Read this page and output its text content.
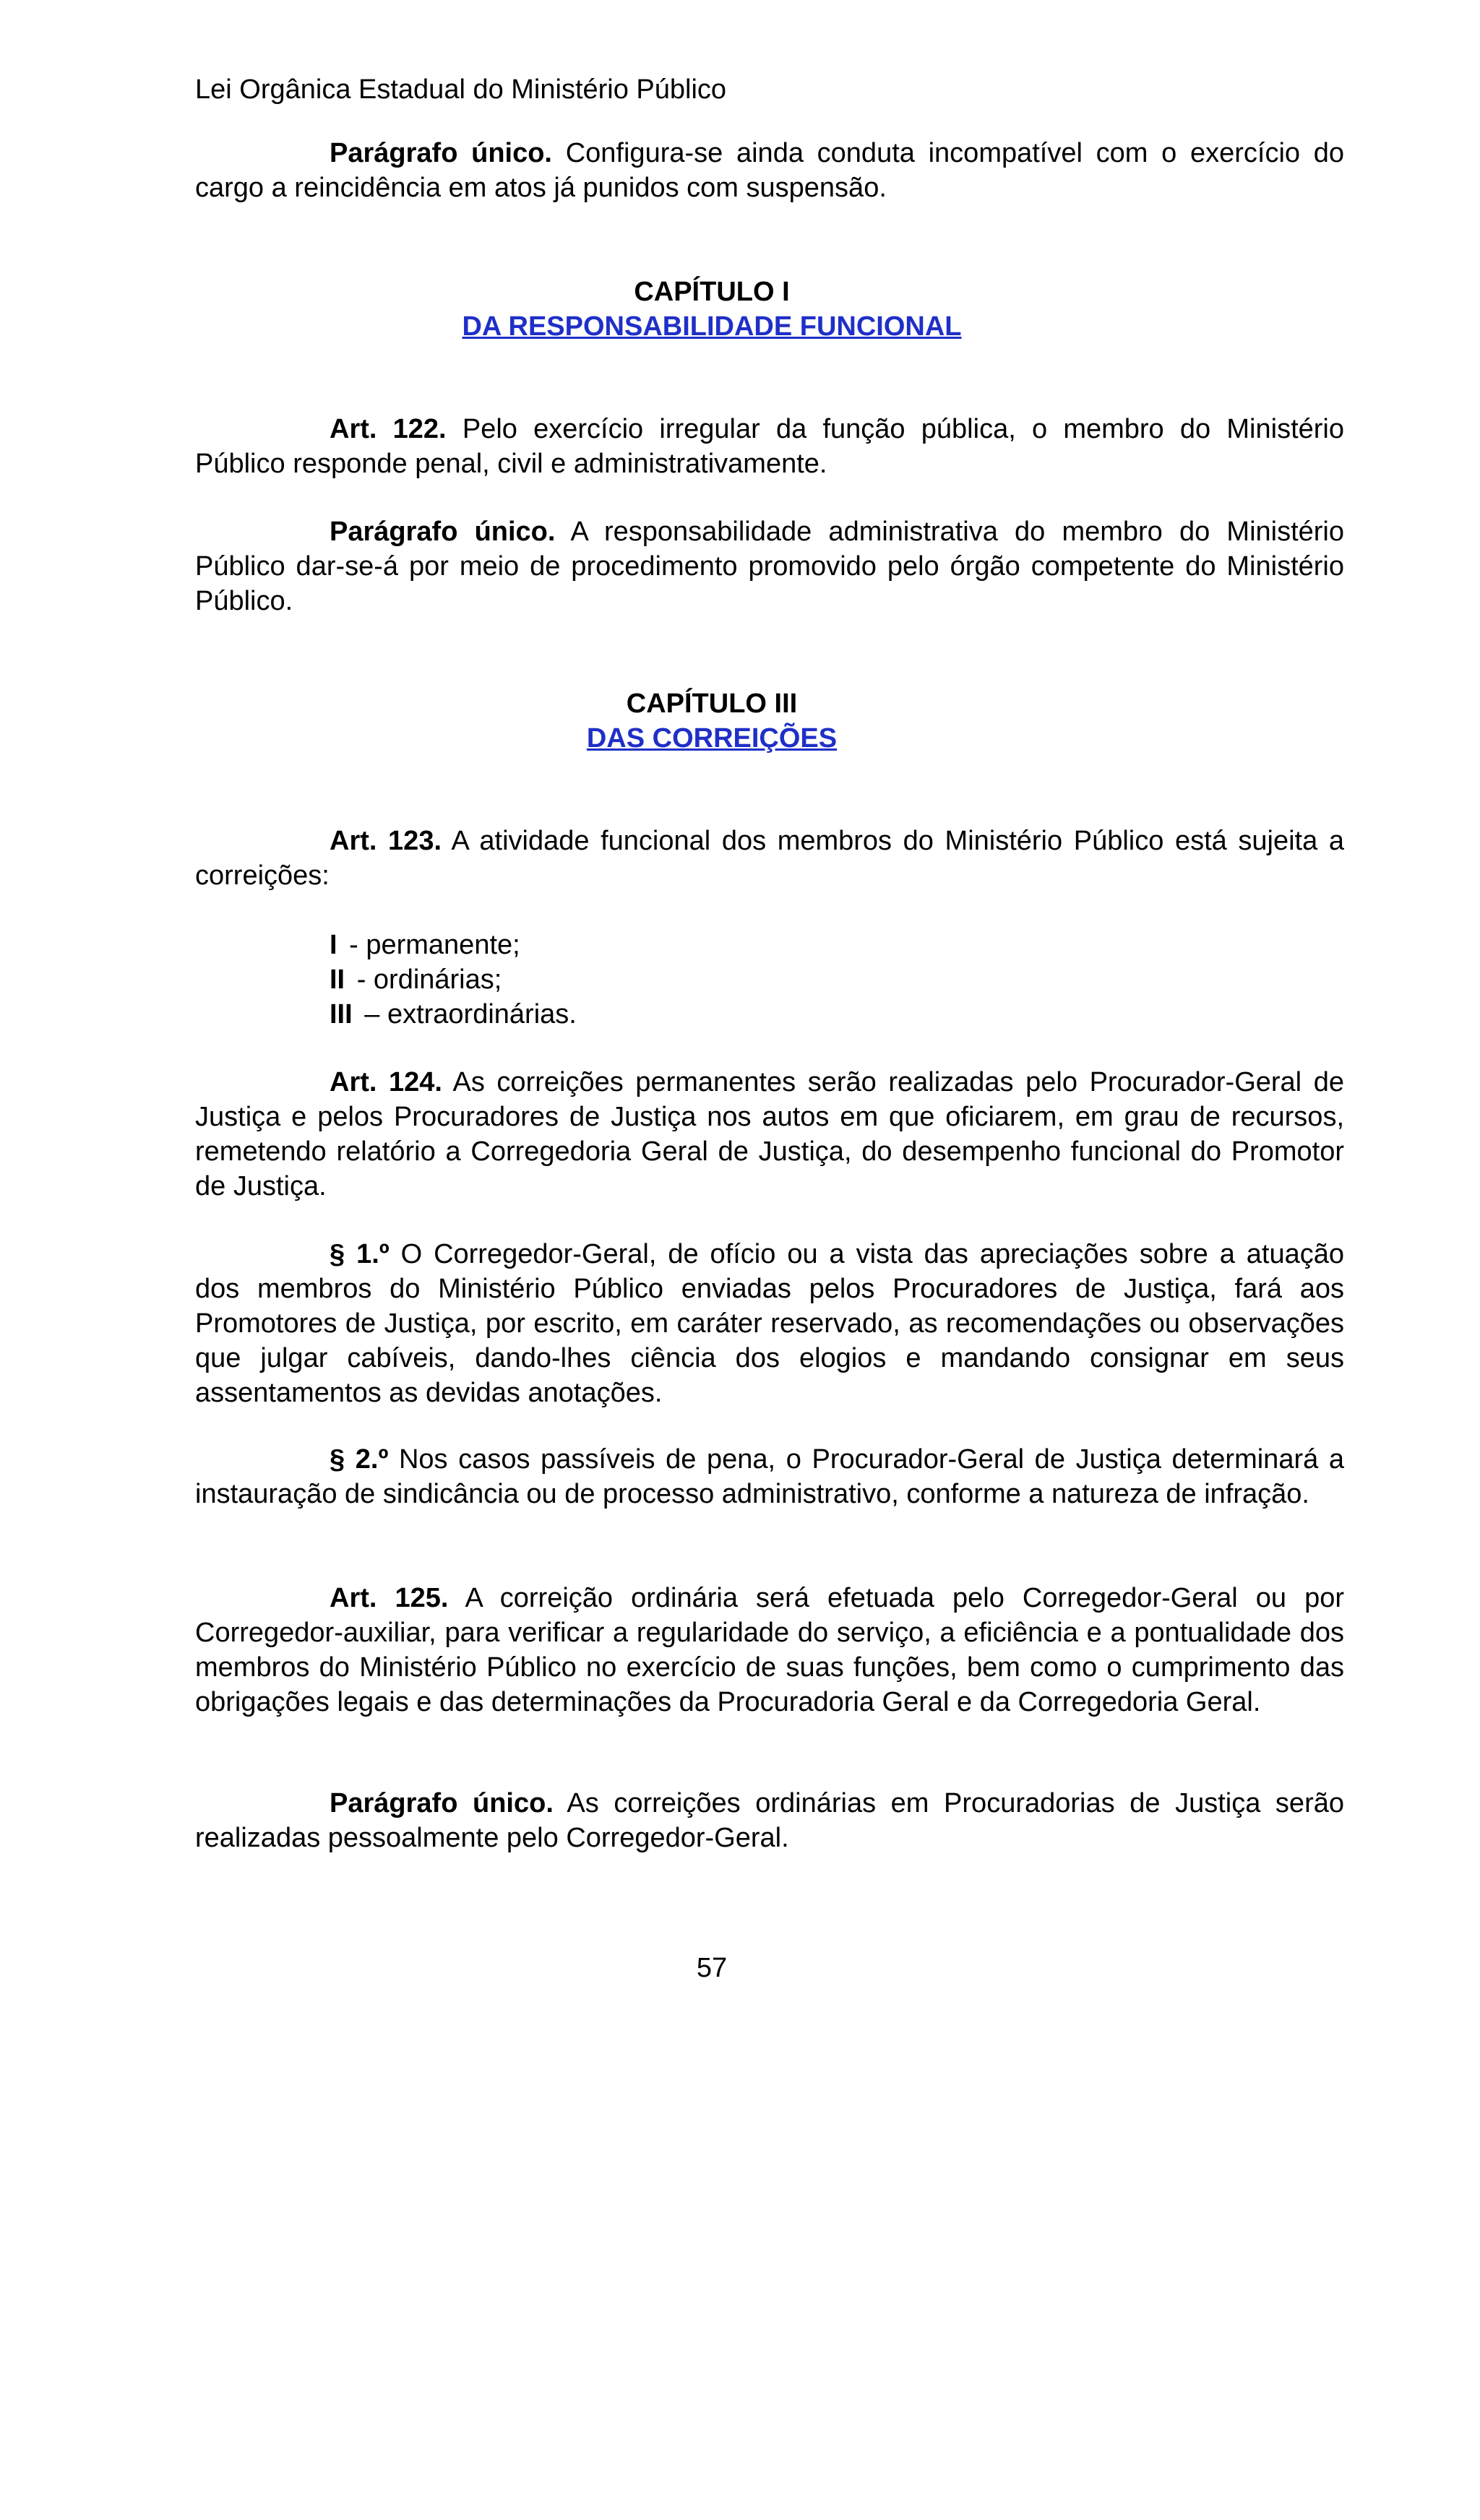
Lei Orgânica Estadual do Ministério Público
Parágrafo único. Configura-se ainda conduta incompatível com o exercício do cargo a reincidência em atos já punidos com suspensão.
CAPÍTULO I
DA RESPONSABILIDADE FUNCIONAL
Art. 122. Pelo exercício irregular da função pública, o membro do Ministério Público responde penal, civil e administrativamente.
Parágrafo único. A responsabilidade administrativa do membro do Ministério Público dar-se-á por meio de procedimento promovido pelo órgão competente do Ministério Público.
CAPÍTULO III
DAS CORREIÇÕES
Art. 123. A atividade funcional dos membros do Ministério Público está sujeita a correições:
I - permanente;
II - ordinárias;
III – extraordinárias.
Art. 124. As correições permanentes serão realizadas pelo Procurador-Geral de Justiça e pelos Procuradores de Justiça nos autos em que oficiarem, em grau de recursos, remetendo relatório a Corregedoria Geral de Justiça, do desempenho funcional do Promotor de Justiça.
§ 1.º O Corregedor-Geral, de ofício ou a vista das apreciações sobre a atuação dos membros do Ministério Público enviadas pelos Procuradores de Justiça, fará aos Promotores de Justiça, por escrito, em caráter reservado, as recomendações ou observações que julgar cabíveis, dando-lhes ciência dos elogios e mandando consignar em seus assentamentos as devidas anotações.
§ 2.º Nos casos passíveis de pena, o Procurador-Geral de Justiça determinará a instauração de sindicância ou de processo administrativo, conforme a natureza de infração.
Art. 125. A correição ordinária será efetuada pelo Corregedor-Geral ou por Corregedor-auxiliar, para verificar a regularidade do serviço, a eficiência e a pontualidade dos membros do Ministério Público no exercício de suas funções, bem como o cumprimento das obrigações legais e das determinações da Procuradoria Geral e da Corregedoria Geral.
Parágrafo único. As correições ordinárias em Procuradorias de Justiça serão realizadas pessoalmente pelo Corregedor-Geral.
57
